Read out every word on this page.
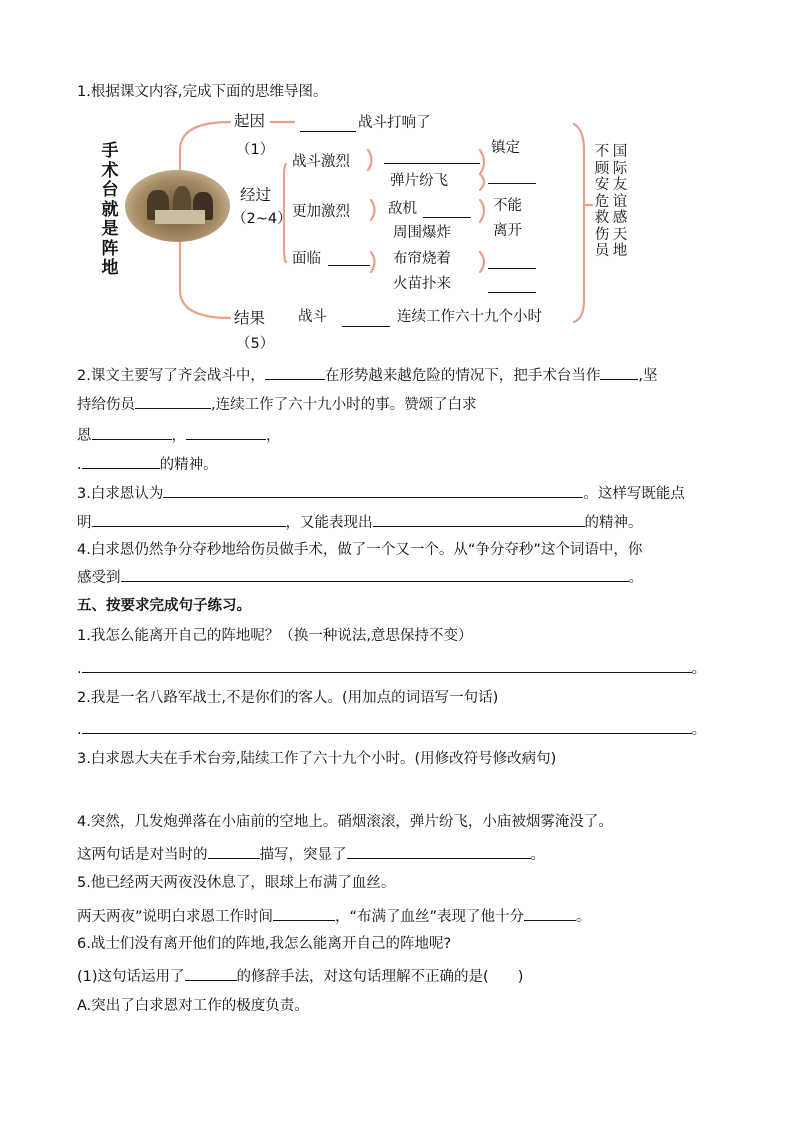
1.根据课文内容,完成下面的思维导图。
手
术
台
就
是
阵
地
起因
（1）
经过
（2~4）
结果
（5）
战斗打响了
战斗激烈
镇定
弹片纷飞
更加激烈	敌机	不能
周围爆炸	离开
面临	布帘烧着
火苗扑来
战斗	连续工作六十九个小时
不
顾
安
危
救
伤
员
国
际
友
谊
感
天
地
2.课文主要写了齐会战斗中，	在形势越来越危险的情况下，把手术台当作	,坚
持给伤员	,连续工作了六十九小时的事。赞颂了白求
恩	，	，
.	的精神。
3.白求恩认为	。这样写既能点
明	，又能表现出	的精神。
4.白求恩仍然争分夺秒地给伤员做手术，做了一个又一个。从“争分夺秒”这个词语中，你
感受到	。
五、按要求完成句子练习。
1.我怎么能离开自己的阵地呢？（换一种说法,意思保持不变）
.	。
2.我是一名八路军战士,不是你们的客人。(用加点的词语写一句话)
.	。
3.白求恩大夫在手术台旁,陆续工作了六十九个小时。(用修改符号修改病句)
4.突然，几发炮弹落在小庙前的空地上。硝烟滚滚，弹片纷飞，小庙被烟雾淹没了。
这两句话是对当时的	描写，突显了	。
5.他已经两天两夜没休息了，眼球上布满了血丝。
两天两夜”说明白求恩工作时间	，“布满了血丝”表现了他十分	。
6.战士们没有离开他们的阵地,我怎么能离开自己的阵地呢?
(1)这句话运用了	的修辞手法，对这句话理解不正确的是(　　)
A.突出了白求恩对工作的极度负责。
